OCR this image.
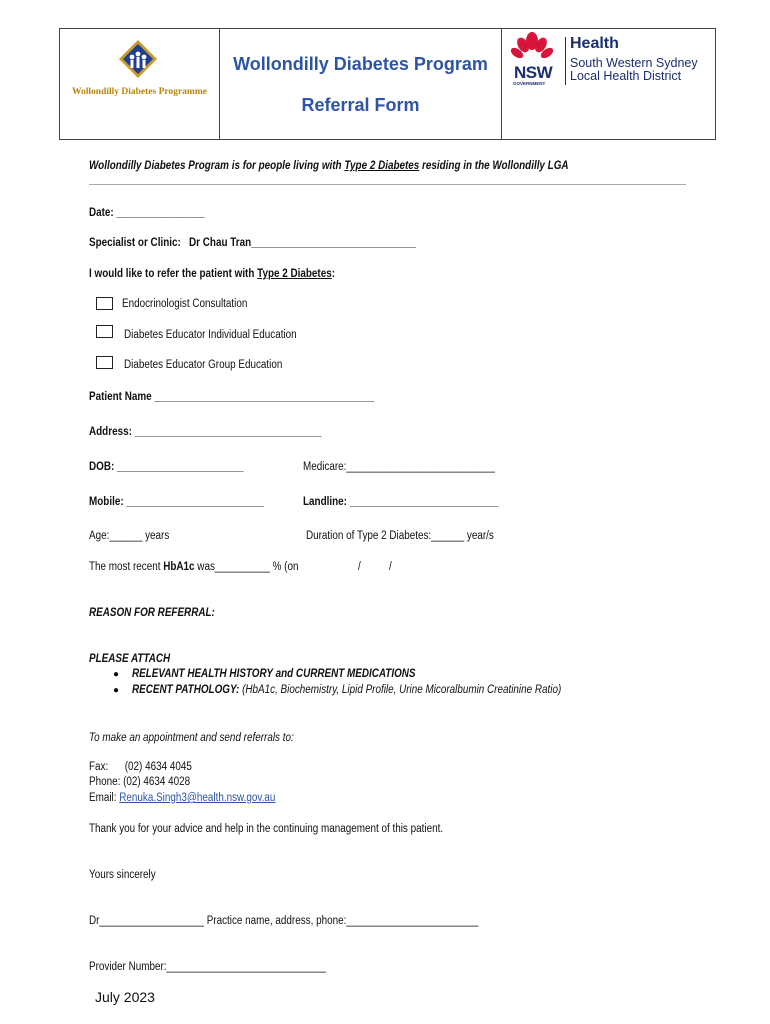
Wollondilly Diabetes Programme
Wollondilly Diabetes Program
Referral Form
NSW
GOVERNMENT
Health
South Western Sydney
Local Health District
Wollondilly Diabetes Program is for people living with Type 2 Diabetes residing in the Wollondilly LGA
Date: ________________
Specialist or Clinic: Dr Chau Tran______________________________
I would like to refer the patient with Type 2 Diabetes:
Endocrinologist Consultation
Diabetes Educator Individual Education
Diabetes Educator Group Education
Patient Name ________________________________________
Address: __________________________________
DOB: _______________________	Medicare:___________________________
Mobile: _________________________	Landline: ___________________________
Age:______ years	Duration of Type 2 Diabetes:______ year/s
The most recent HbA1c was__________ % (on	/ /
REASON FOR REFERRAL:
PLEASE ATTACH
● RELEVANT HEALTH HISTORY and CURRENT MEDICATIONS
● RECENT PATHOLOGY: (HbA1c, Biochemistry, Lipid Profile, Urine Micoralbumin Creatinine Ratio)
To make an appointment and send referrals to:
Fax: (02) 4634 4045
Phone: (02) 4634 4028
Email: Renuka.Singh3@health.nsw.gov.au
Thank you for your advice and help in the continuing management of this patient.
Yours sincerely
Dr___________________ Practice name, address, phone:________________________
Provider Number:_____________________________
July 2023
